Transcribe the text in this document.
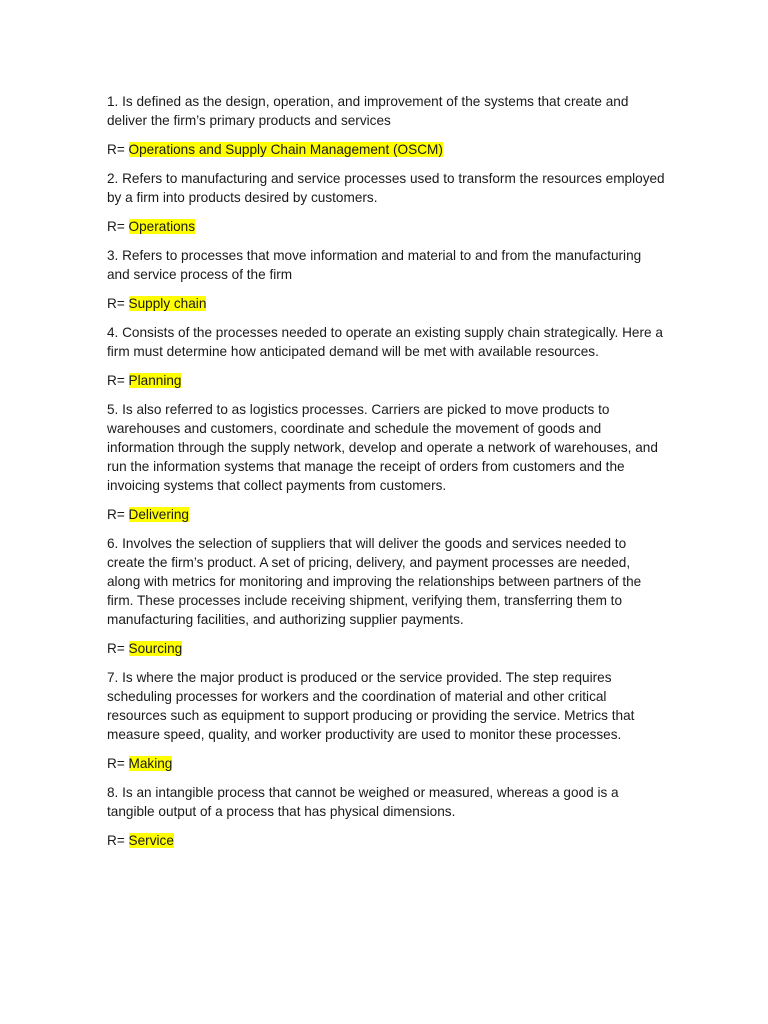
1. Is defined as the design, operation, and improvement of the systems that create and deliver the firm’s primary products and services

R= Operations and Supply Chain Management (OSCM)

2. Refers to manufacturing and service processes used to transform the resources employed by a firm into products desired by customers.

R= Operations

3. Refers to processes that move information and material to and from the manufacturing and service process of the firm

R= Supply chain

4. Consists of the processes needed to operate an existing supply chain strategically. Here a firm must determine how anticipated demand will be met with available resources.

R= Planning

5. Is also referred to as logistics processes. Carriers are picked to move products to warehouses and customers, coordinate and schedule the movement of goods and information through the supply network, develop and operate a network of warehouses, and run the information systems that manage the receipt of orders from customers and the invoicing systems that collect payments from customers.

R= Delivering

6. Involves the selection of suppliers that will deliver the goods and services needed to create the firm’s product. A set of pricing, delivery, and payment processes are needed, along with metrics for monitoring and improving the relationships between partners of the firm. These processes include receiving shipment, verifying them, transferring them to manufacturing facilities, and authorizing supplier payments.

R= Sourcing

7. Is where the major product is produced or the service provided. The step requires scheduling processes for workers and the coordination of material and other critical resources such as equipment to support producing or providing the service. Metrics that measure speed, quality, and worker productivity are used to monitor these processes.

R= Making

8. Is an intangible process that cannot be weighed or measured, whereas a good is a tangible output of a process that has physical dimensions.

R= Service
